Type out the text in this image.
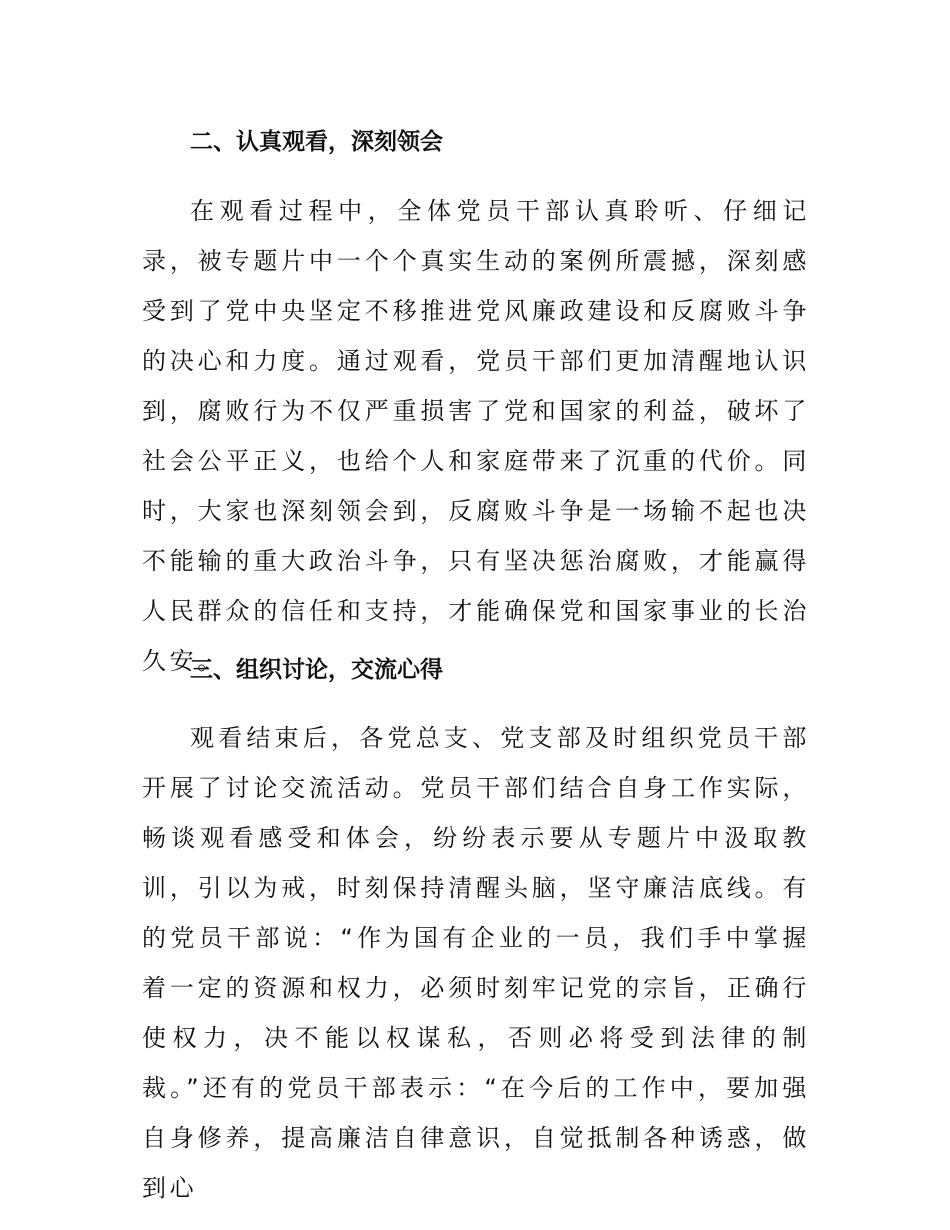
二、认真观看，深刻领会

在观看过程中，全体党员干部认真聆听、仔细记录，被专题片中一个个真实生动的案例所震撼，深刻感受到了党中央坚定不移推进党风廉政建设和反腐败斗争的决心和力度。通过观看，党员干部们更加清醒地认识到，腐败行为不仅严重损害了党和国家的利益，破坏了社会公平正义，也给个人和家庭带来了沉重的代价。同时，大家也深刻领会到，反腐败斗争是一场输不起也决不能输的重大政治斗争，只有坚决惩治腐败，才能赢得人民群众的信任和支持，才能确保党和国家事业的长治久安。

三、组织讨论，交流心得

观看结束后，各党总支、党支部及时组织党员干部开展了讨论交流活动。党员干部们结合自身工作实际，畅谈观看感受和体会，纷纷表示要从专题片中汲取教训，引以为戒，时刻保持清醒头脑，坚守廉洁底线。有的党员干部说：“作为国有企业的一员，我们手中掌握着一定的资源和权力，必须时刻牢记党的宗旨，正确行使权力，决不能以权谋私，否则必将受到法律的制裁。”还有的党员干部表示：“在今后的工作中，要加强自身修养，提高廉洁自律意识，自觉抵制各种诱惑，做到心
